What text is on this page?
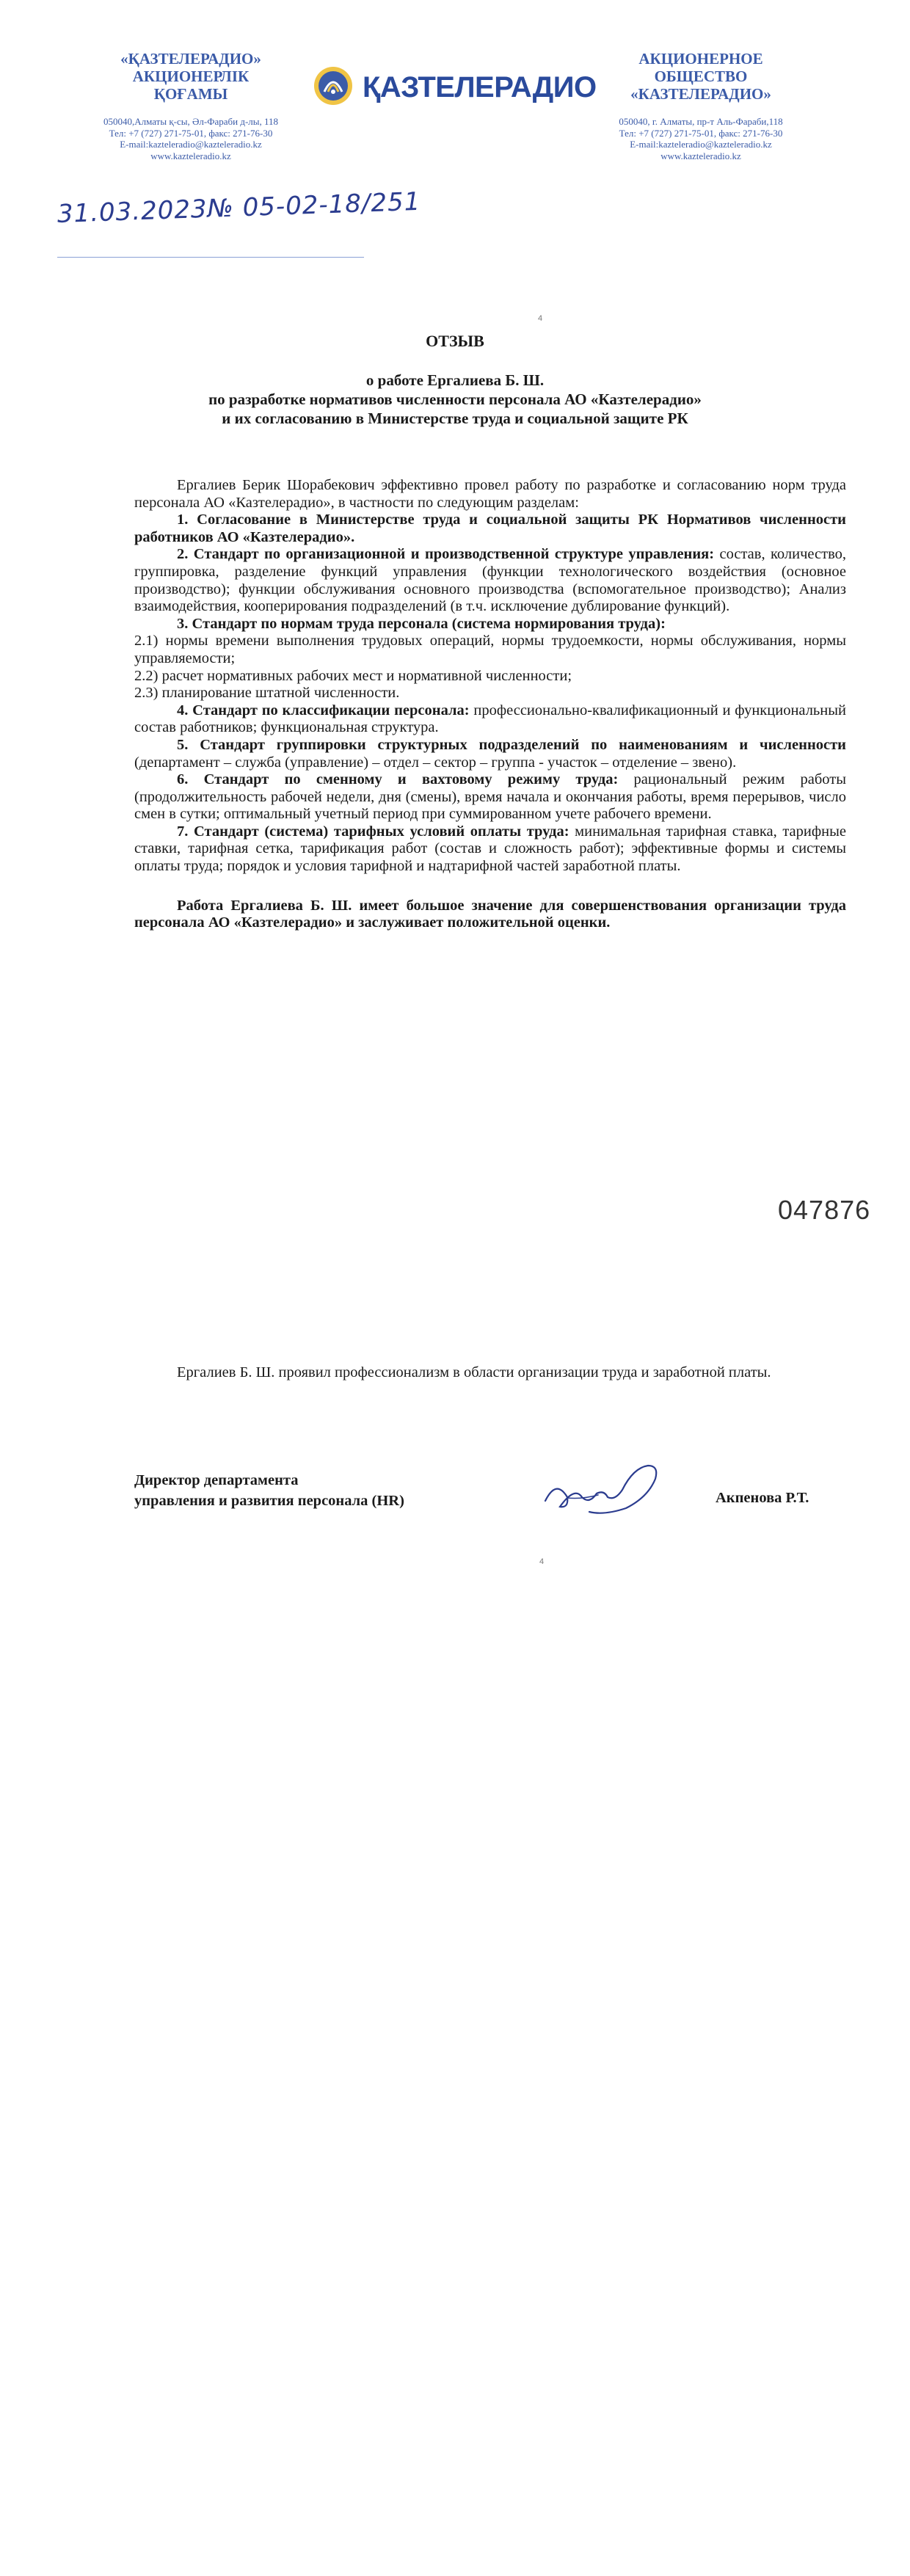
«ҚАЗТЕЛЕРАДИО»
АКЦИОНЕРЛІК
ҚОҒАМЫ
050040,Алматы қ-сы, Әл-Фараби д-лы, 118
Тел: +7 (727) 271-75-01, факс: 271-76-30
E-mail:kazteleradio@kazteleradio.kz
www.kazteleradio.kz
ҚАЗТЕЛЕРАДИО
АКЦИОНЕРНОЕ
ОБЩЕСТВО
«КАЗТЕЛЕРАДИО»
050040, г. Алматы, пр-т Аль-Фараби,118
Тел: +7 (727) 271-75-01, факс: 271-76-30
E-mail:kazteleradio@kazteleradio.kz
www.kazteleradio.kz
31.03.2023№ 05-02-18/251
4
ОТЗЫВ
о работе Ергалиева Б. Ш.
по разработке нормативов численности персонала АО «Казтелерадио»
и их согласованию в Министерстве труда и социальной защите РК

Ергалиев Берик Шорабекович эффективно провел работу по разработке и согласованию норм труда персонала АО «Казтелерадио», в частности по следующим разделам:

1. Согласование в Министерстве труда и социальной защиты РК Нормативов численности работников АО «Казтелерадио».

2. Стандарт по организационной и производственной структуре управления: состав, количество, группировка, разделение функций управления (функции технологического воздействия (основное производство); функции обслуживания основного производства (вспомогательное производство); Анализ взаимодействия, кооперирования подразделений (в т.ч. исключение дублирование функций).

3. Стандарт по нормам труда персонала (система нормирования труда):

2.1) нормы времени выполнения трудовых операций, нормы трудоемкости, нормы обслуживания, нормы управляемости;

2.2) расчет нормативных рабочих мест и нормативной численности;

2.3) планирование штатной численности.

4. Стандарт по классификации персонала: профессионально-квалификационный и функциональный состав работников; функциональная структура.

5. Стандарт группировки структурных подразделений по наименованиям и численности (департамент – служба (управление) – отдел – сектор – группа - участок – отделение – звено).

6. Стандарт по сменному и вахтовому режиму труда: рациональный режим работы (продолжительность рабочей недели, дня (смены), время начала и окончания работы, время перерывов, число смен в сутки; оптимальный учетный период при суммированном учете рабочего времени.

7. Стандарт (система) тарифных условий оплаты труда: минимальная тарифная ставка, тарифные ставки, тарифная сетка, тарификация работ (состав и сложность работ); эффективные формы и системы оплаты труда; порядок и условия тарифной и надтарифной частей заработной платы.

Работа Ергалиева Б. Ш. имеет большое значение для совершенствования организации труда персонала АО «Казтелерадио» и заслуживает положительной оценки.

047876

Ергалиев Б. Ш. проявил профессионализм в области организации труда и заработной платы.

Директор департамента
управления и развития персонала (HR)	Акпенова Р.Т.
4
